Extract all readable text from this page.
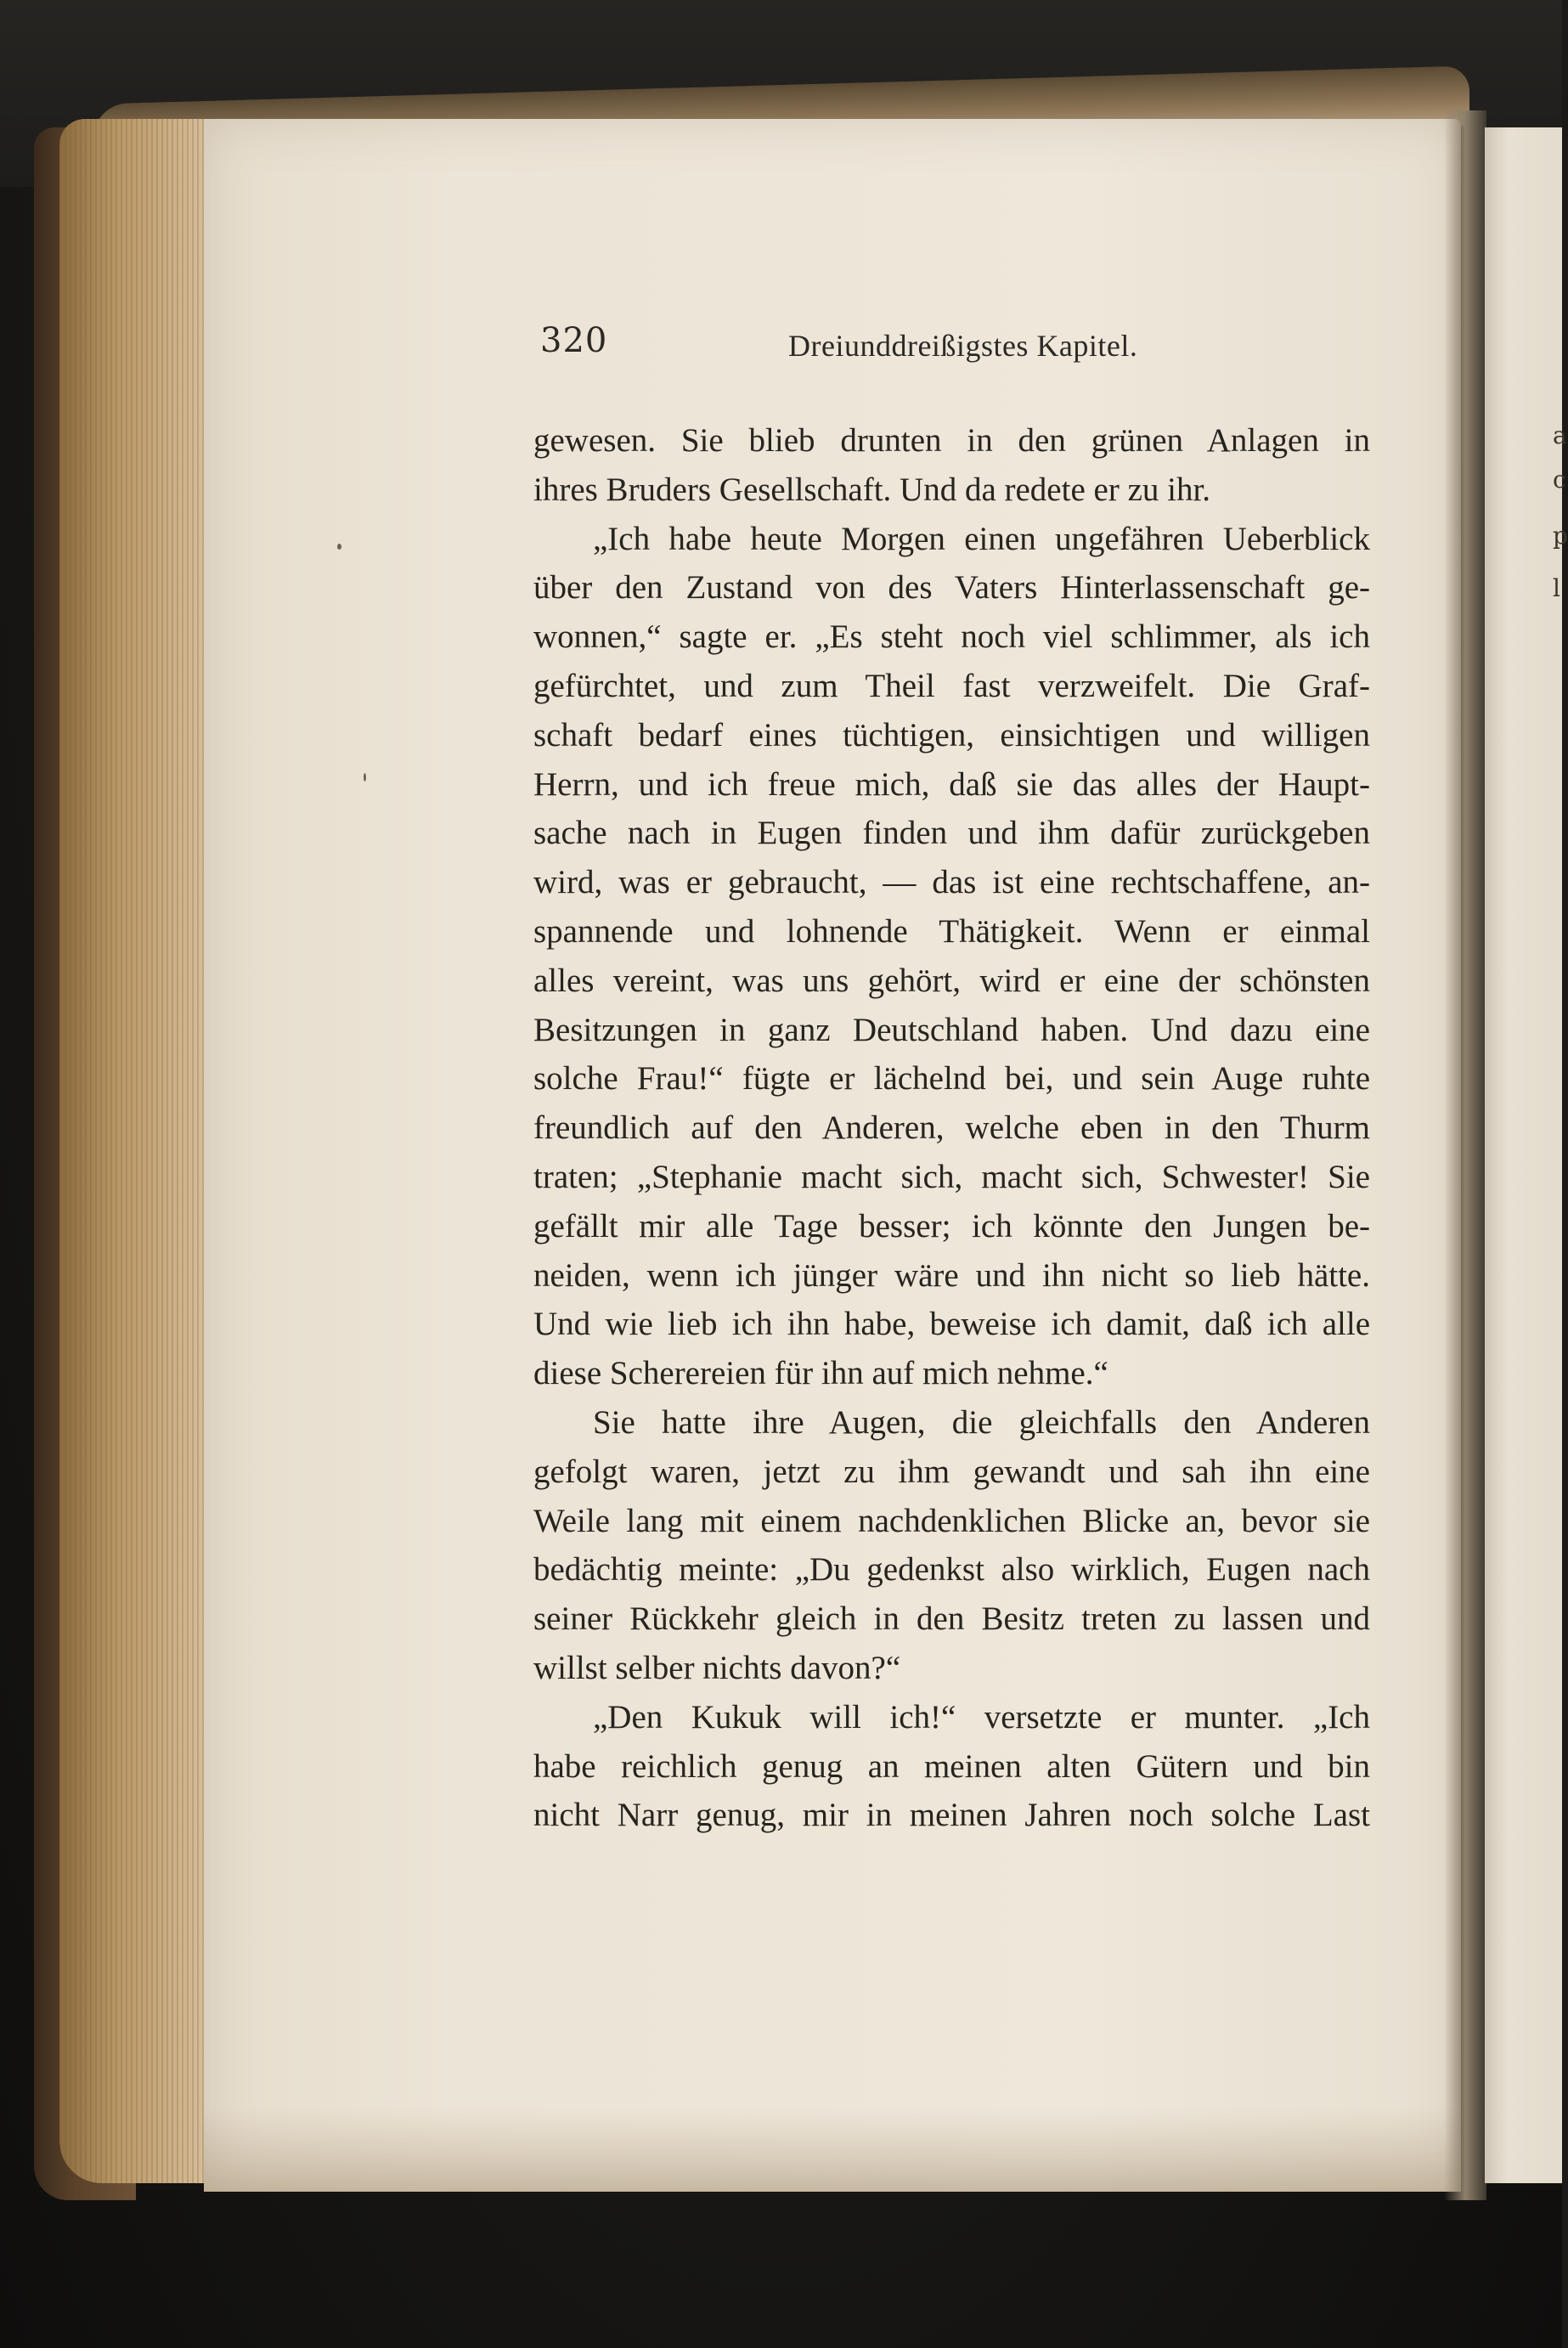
a
c
p
l
320	Dreiunddreißigstes Kapitel.
gewesen. Sie blieb drunten in den grünen Anlagen in
ihres Bruders Gesellschaft. Und da redete er zu ihr.
„Ich habe heute Morgen einen ungefähren Ueberblick
über den Zustand von des Vaters Hinterlassenschaft ge-
wonnen,“ sagte er. „Es steht noch viel schlimmer, als ich
gefürchtet, und zum Theil fast verzweifelt. Die Graf-
schaft bedarf eines tüchtigen, einsichtigen und willigen
Herrn, und ich freue mich, daß sie das alles der Haupt-
sache nach in Eugen finden und ihm dafür zurückgeben
wird, was er gebraucht, — das ist eine rechtschaffene, an-
spannende und lohnende Thätigkeit. Wenn er einmal
alles vereint, was uns gehört, wird er eine der schönsten
Besitzungen in ganz Deutschland haben. Und dazu eine
solche Frau!“ fügte er lächelnd bei, und sein Auge ruhte
freundlich auf den Anderen, welche eben in den Thurm
traten; „Stephanie macht sich, macht sich, Schwester! Sie
gefällt mir alle Tage besser; ich könnte den Jungen be-
neiden, wenn ich jünger wäre und ihn nicht so lieb hätte.
Und wie lieb ich ihn habe, beweise ich damit, daß ich alle
diese Scherereien für ihn auf mich nehme.“
Sie hatte ihre Augen, die gleichfalls den Anderen
gefolgt waren, jetzt zu ihm gewandt und sah ihn eine
Weile lang mit einem nachdenklichen Blicke an, bevor sie
bedächtig meinte: „Du gedenkst also wirklich, Eugen nach
seiner Rückkehr gleich in den Besitz treten zu lassen und
willst selber nichts davon?“
„Den Kukuk will ich!“ versetzte er munter. „Ich
habe reichlich genug an meinen alten Gütern und bin
nicht Narr genug, mir in meinen Jahren noch solche Last
